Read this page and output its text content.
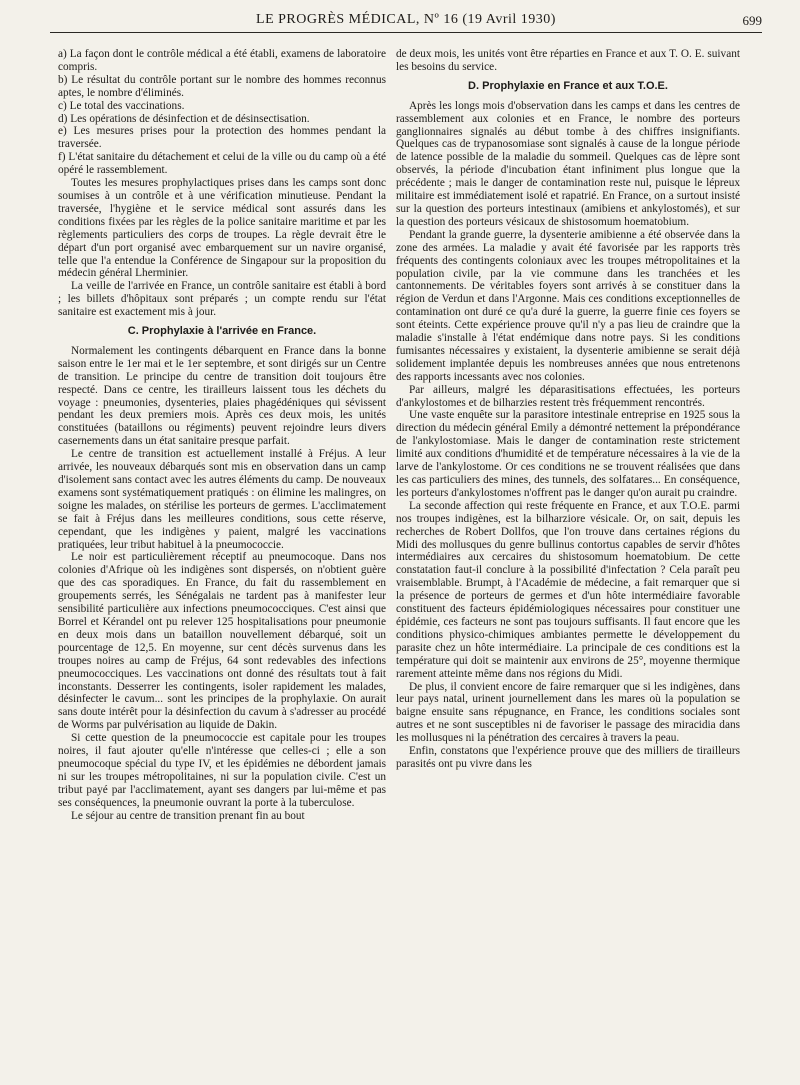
LE PROGRÈS MÉDICAL, Nº 16 (19 Avril 1930)	699

a) La façon dont le contrôle médical a été établi, examens de laboratoire compris.

b) Le résultat du contrôle portant sur le nombre des hommes reconnus aptes, le nombre d'éliminés.

c) Le total des vaccinations.

d) Les opérations de désinfection et de désinsectisation.

e) Les mesures prises pour la protection des hommes pendant la traversée.

f) L'état sanitaire du détachement et celui de la ville ou du camp où a été opéré le rassemblement.

Toutes les mesures prophylactiques prises dans les camps sont donc soumises à un contrôle et à une vérification minutieuse. Pendant la traversée, l'hygiène et le service médical sont assurés dans les conditions fixées par les règles de la police sanitaire maritime et par les règlements particuliers des corps de troupes. La règle devrait être le départ d'un port organisé avec embarquement sur un navire organisé, telle que l'a entendue la Conférence de Singapour sur la proposition du médecin général Lherminier.

La veille de l'arrivée en France, un contrôle sanitaire est établi à bord ; les billets d'hôpitaux sont préparés ; un compte rendu sur l'état sanitaire est exactement mis à jour.

C. Prophylaxie à l'arrivée en France.

Normalement les contingents débarquent en France dans la bonne saison entre le 1er mai et le 1er septembre, et sont dirigés sur un Centre de transition. Le principe du centre de transition doit toujours être respecté. Dans ce centre, les tirailleurs laissent tous les déchets du voyage : pneumonies, dysenteries, plaies phagédéniques qui sévissent pendant les deux premiers mois. Après ces deux mois, les unités constituées (bataillons ou régiments) peuvent rejoindre leurs divers casernements dans un état sanitaire presque parfait.

Le centre de transition est actuellement installé à Fréjus. A leur arrivée, les nouveaux débarqués sont mis en observation dans un camp d'isolement sans contact avec les autres éléments du camp. De nouveaux examens sont systématiquement pratiqués : on élimine les malingres, on soigne les malades, on stérilise les porteurs de germes. L'acclimatement se fait à Fréjus dans les meilleures conditions, sous cette réserve, cependant, que les indigènes y paient, malgré les vaccinations pratiquées, leur tribut habituel à la pneumococcie.

Le noir est particulièrement réceptif au pneumocoque. Dans nos colonies d'Afrique où les indigènes sont dispersés, on n'obtient guère que des cas sporadiques. En France, du fait du rassemblement en groupements serrés, les Sénégalais ne tardent pas à manifester leur sensibilité particulière aux infections pneumococciques. C'est ainsi que Borrel et Kérandel ont pu relever 125 hospitalisations pour pneumonie en deux mois dans un bataillon nouvellement débarqué, soit un pourcentage de 12,5. En moyenne, sur cent décès survenus dans les troupes noires au camp de Fréjus, 64 sont redevables des infections pneumococciques. Les vaccinations ont donné des résultats tout à fait inconstants. Desserrer les contingents, isoler rapidement les malades, désinfecter le cavum... sont les principes de la prophylaxie. On aurait sans doute intérêt pour la désinfection du cavum à s'adresser au procédé de Worms par pulvérisation au liquide de Dakin.

Si cette question de la pneumococcie est capitale pour les troupes noires, il faut ajouter qu'elle n'intéresse que celles-ci ; elle a son pneumocoque spécial du type IV, et les épidémies ne débordent jamais ni sur les troupes métropolitaines, ni sur la population civile. C'est un tribut payé par l'acclimatement, ayant ses dangers par lui-même et pas ses conséquences, la pneumonie ouvrant la porte à la tuberculose.

Le séjour au centre de transition prenant fin au bout

de deux mois, les unités vont être réparties en France et aux T. O. E. suivant les besoins du service.

D. Prophylaxie en France et aux T.O.E.

Après les longs mois d'observation dans les camps et dans les centres de rassemblement aux colonies et en France, le nombre des porteurs ganglionnaires signalés au début tombe à des chiffres insignifiants. Quelques cas de trypanosomiase sont signalés à cause de la longue période de latence possible de la maladie du sommeil. Quelques cas de lèpre sont observés, la période d'incubation étant infiniment plus longue que la précédente ; mais le danger de contamination reste nul, puisque le lépreux militaire est immédiatement isolé et rapatrié. En France, on a surtout insisté sur la question des porteurs intestinaux (amibiens et ankylostomés), et sur la question des porteurs vésicaux de shistosomum hoematobium.

Pendant la grande guerre, la dysenterie amibienne a été observée dans la zone des armées. La maladie y avait été favorisée par les rapports très fréquents des contingents coloniaux avec les troupes métropolitaines et la population civile, par la vie commune dans les tranchées et les cantonnements. De véritables foyers sont arrivés à se constituer dans la région de Verdun et dans l'Argonne. Mais ces conditions exceptionnelles de contamination ont duré ce qu'a duré la guerre, la guerre finie ces foyers se sont éteints. Cette expérience prouve qu'il n'y a pas lieu de craindre que la maladie s'installe à l'état endémique dans notre pays. Si les conditions fumisantes nécessaires y existaient, la dysenterie amibienne se serait déjà solidement implantée depuis les nombreuses années que nous entretenons des rapports incessants avec nos colonies.

Par ailleurs, malgré les déparasitisations effectuées, les porteurs d'ankylostomes et de bilharzies restent très fréquemment rencontrés.

Une vaste enquête sur la parasitore intestinale entreprise en 1925 sous la direction du médecin général Emily a démontré nettement la prépondérance de l'ankylostomiase. Mais le danger de contamination reste strictement limité aux conditions d'humidité et de température nécessaires à la vie de la larve de l'ankylostome. Or ces conditions ne se trouvent réalisées que dans les cas particuliers des mines, des tunnels, des solfatares... En conséquence, les porteurs d'ankylostomes n'offrent pas le danger qu'on aurait pu craindre.

La seconde affection qui reste fréquente en France, et aux T.O.E. parmi nos troupes indigènes, est la bilharziore vésicale. Or, on sait, depuis les recherches de Robert Dollfos, que l'on trouve dans certaines régions du Midi des mollusques du genre bullinus contortus capables de servir d'hôtes intermédiaires aux cercaires du shistosomum hoematobium. De cette constatation faut-il conclure à la possibilité d'infectation ? Cela paraît peu vraisemblable. Brumpt, à l'Académie de médecine, a fait remarquer que si la présence de porteurs de germes et d'un hôte intermédiaire favorable constituent des facteurs épidémiologiques nécessaires pour constituer une épidémie, ces facteurs ne sont pas toujours suffisants. Il faut encore que les conditions physico-chimiques ambiantes permette le développement du parasite chez un hôte intermédiaire. La principale de ces conditions est la température qui doit se maintenir aux environs de 25°, moyenne thermique rarement atteinte même dans nos régions du Midi.

De plus, il convient encore de faire remarquer que si les indigènes, dans leur pays natal, urinent journellement dans les mares où la population se baigne ensuite sans répugnance, en France, les conditions sociales sont autres et ne sont susceptibles ni de favoriser le passage des miracidia dans les mollusques ni la pénétration des cercaires à travers la peau.

Enfin, constatons que l'expérience prouve que des milliers de tirailleurs parasités ont pu vivre dans les
